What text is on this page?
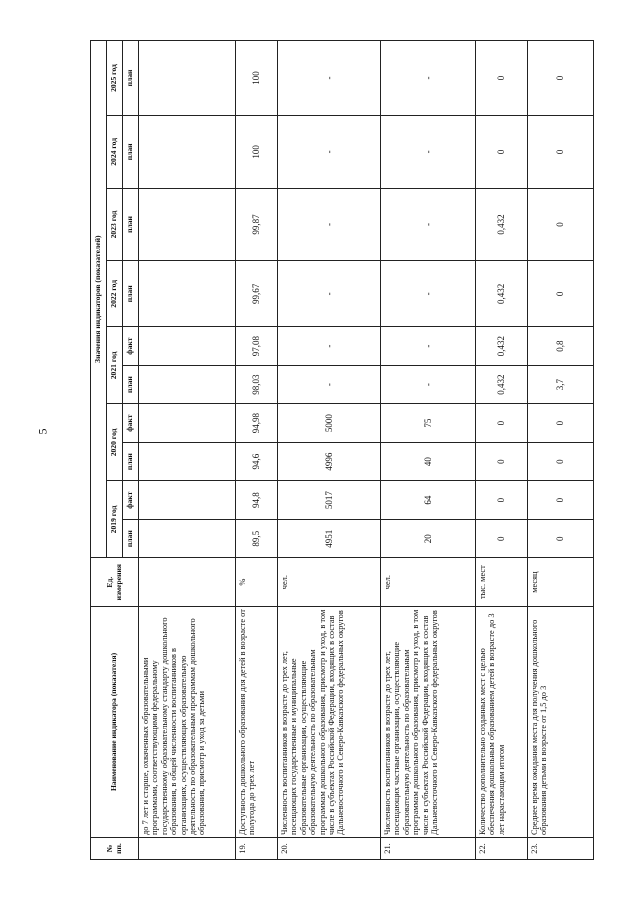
5
№ пп.	Наименование индикатора (показателя)	Ед. измерения	Значения индикаторов (показателей)									
			2019 год		2020 год		2021 год		2022 год	2023 год	2024 год	2025 год
			план	факт	план	факт	план	факт	план	план	план	план
	до 7 лет и старше, охваченных образовательными программами, соответствующими федеральному государственному образовательному стандарту дошкольного образования, в общей численности воспитанников в организациях, осуществляющих образовательную деятельность по образовательным программам дошкольного образования, присмотр и уход за детьми											
19.	Доступность дошкольного образования для детей в возрасте от полугода до трех лет	%	89,5	94,8	94,6	94,98	98,03	97,08	99,67	99,87	100	100
20.	Численность воспитанников в возрасте до трех лет, посещающих государственные и муниципальные образовательные организации, осуществляющие образовательную деятельность по образовательным программам дошкольного образования, присмотр и уход, в том числе в субъектах Российской Федерации, входящих в состав Дальневосточного и Северо-Кавказского федеральных округов	чел.	4951	5017	4996	5000	-	-	-	-	-	-
21.	Численность воспитанников в возрасте до трех лет, посещающих частные организации, осуществляющие образовательную деятельность по образовательным программам дошкольного образования, присмотр и уход, в том числе в субъектах Российской Федерации, входящих в состав Дальневосточного и Северо-Кавказского федеральных округов	чел.	20	64	40	75	-	-	-	-	-	-
22.	Количество дополнительно созданных мест с целью обеспечения дошкольным образованием детей в возрасте до 3 лет нарастающим итогом	тыс. мест	0	0	0	0	0,432	0,432	0,432	0,432	0	0
23.	Среднее время ожидания места для получения дошкольного образования детьми в возрасте от 1,5 до 3	месяц	0	0	0	0	3,7	0,8	0	0	0	0
